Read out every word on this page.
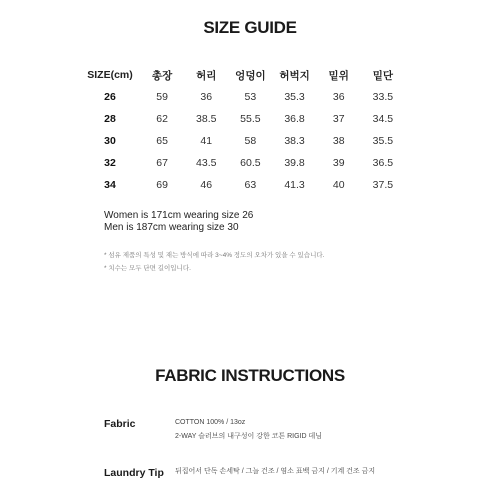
SIZE GUIDE
SIZE(cm)	총장	허리	엉덩이	허벅지	밑위	밑단
26	59	36	53	35.3	36	33.5
28	62	38.5	55.5	36.8	37	34.5
30	65	41	58	38.3	38	35.5
32	67	43.5	60.5	39.8	39	36.5
34	69	46	63	41.3	40	37.5
Women is 171cm wearing size 26
Men is 187cm wearing size 30
* 섬유 제품의 특성 및 재는 방식에 따라 3~4% 정도의 오차가 있을 수 있습니다.
* 치수는 모두 단면 길이입니다.
FABRIC INSTRUCTIONS
Fabric	COTTON 100% / 13oz
2-WAY 슬러브의 내구성이 강한 코튼 RIGID 데님
Laundry Tip 뒤집어서 단독 손세탁 / 그늘 건조 / 염소 표백 금지 / 기계 건조 금지
